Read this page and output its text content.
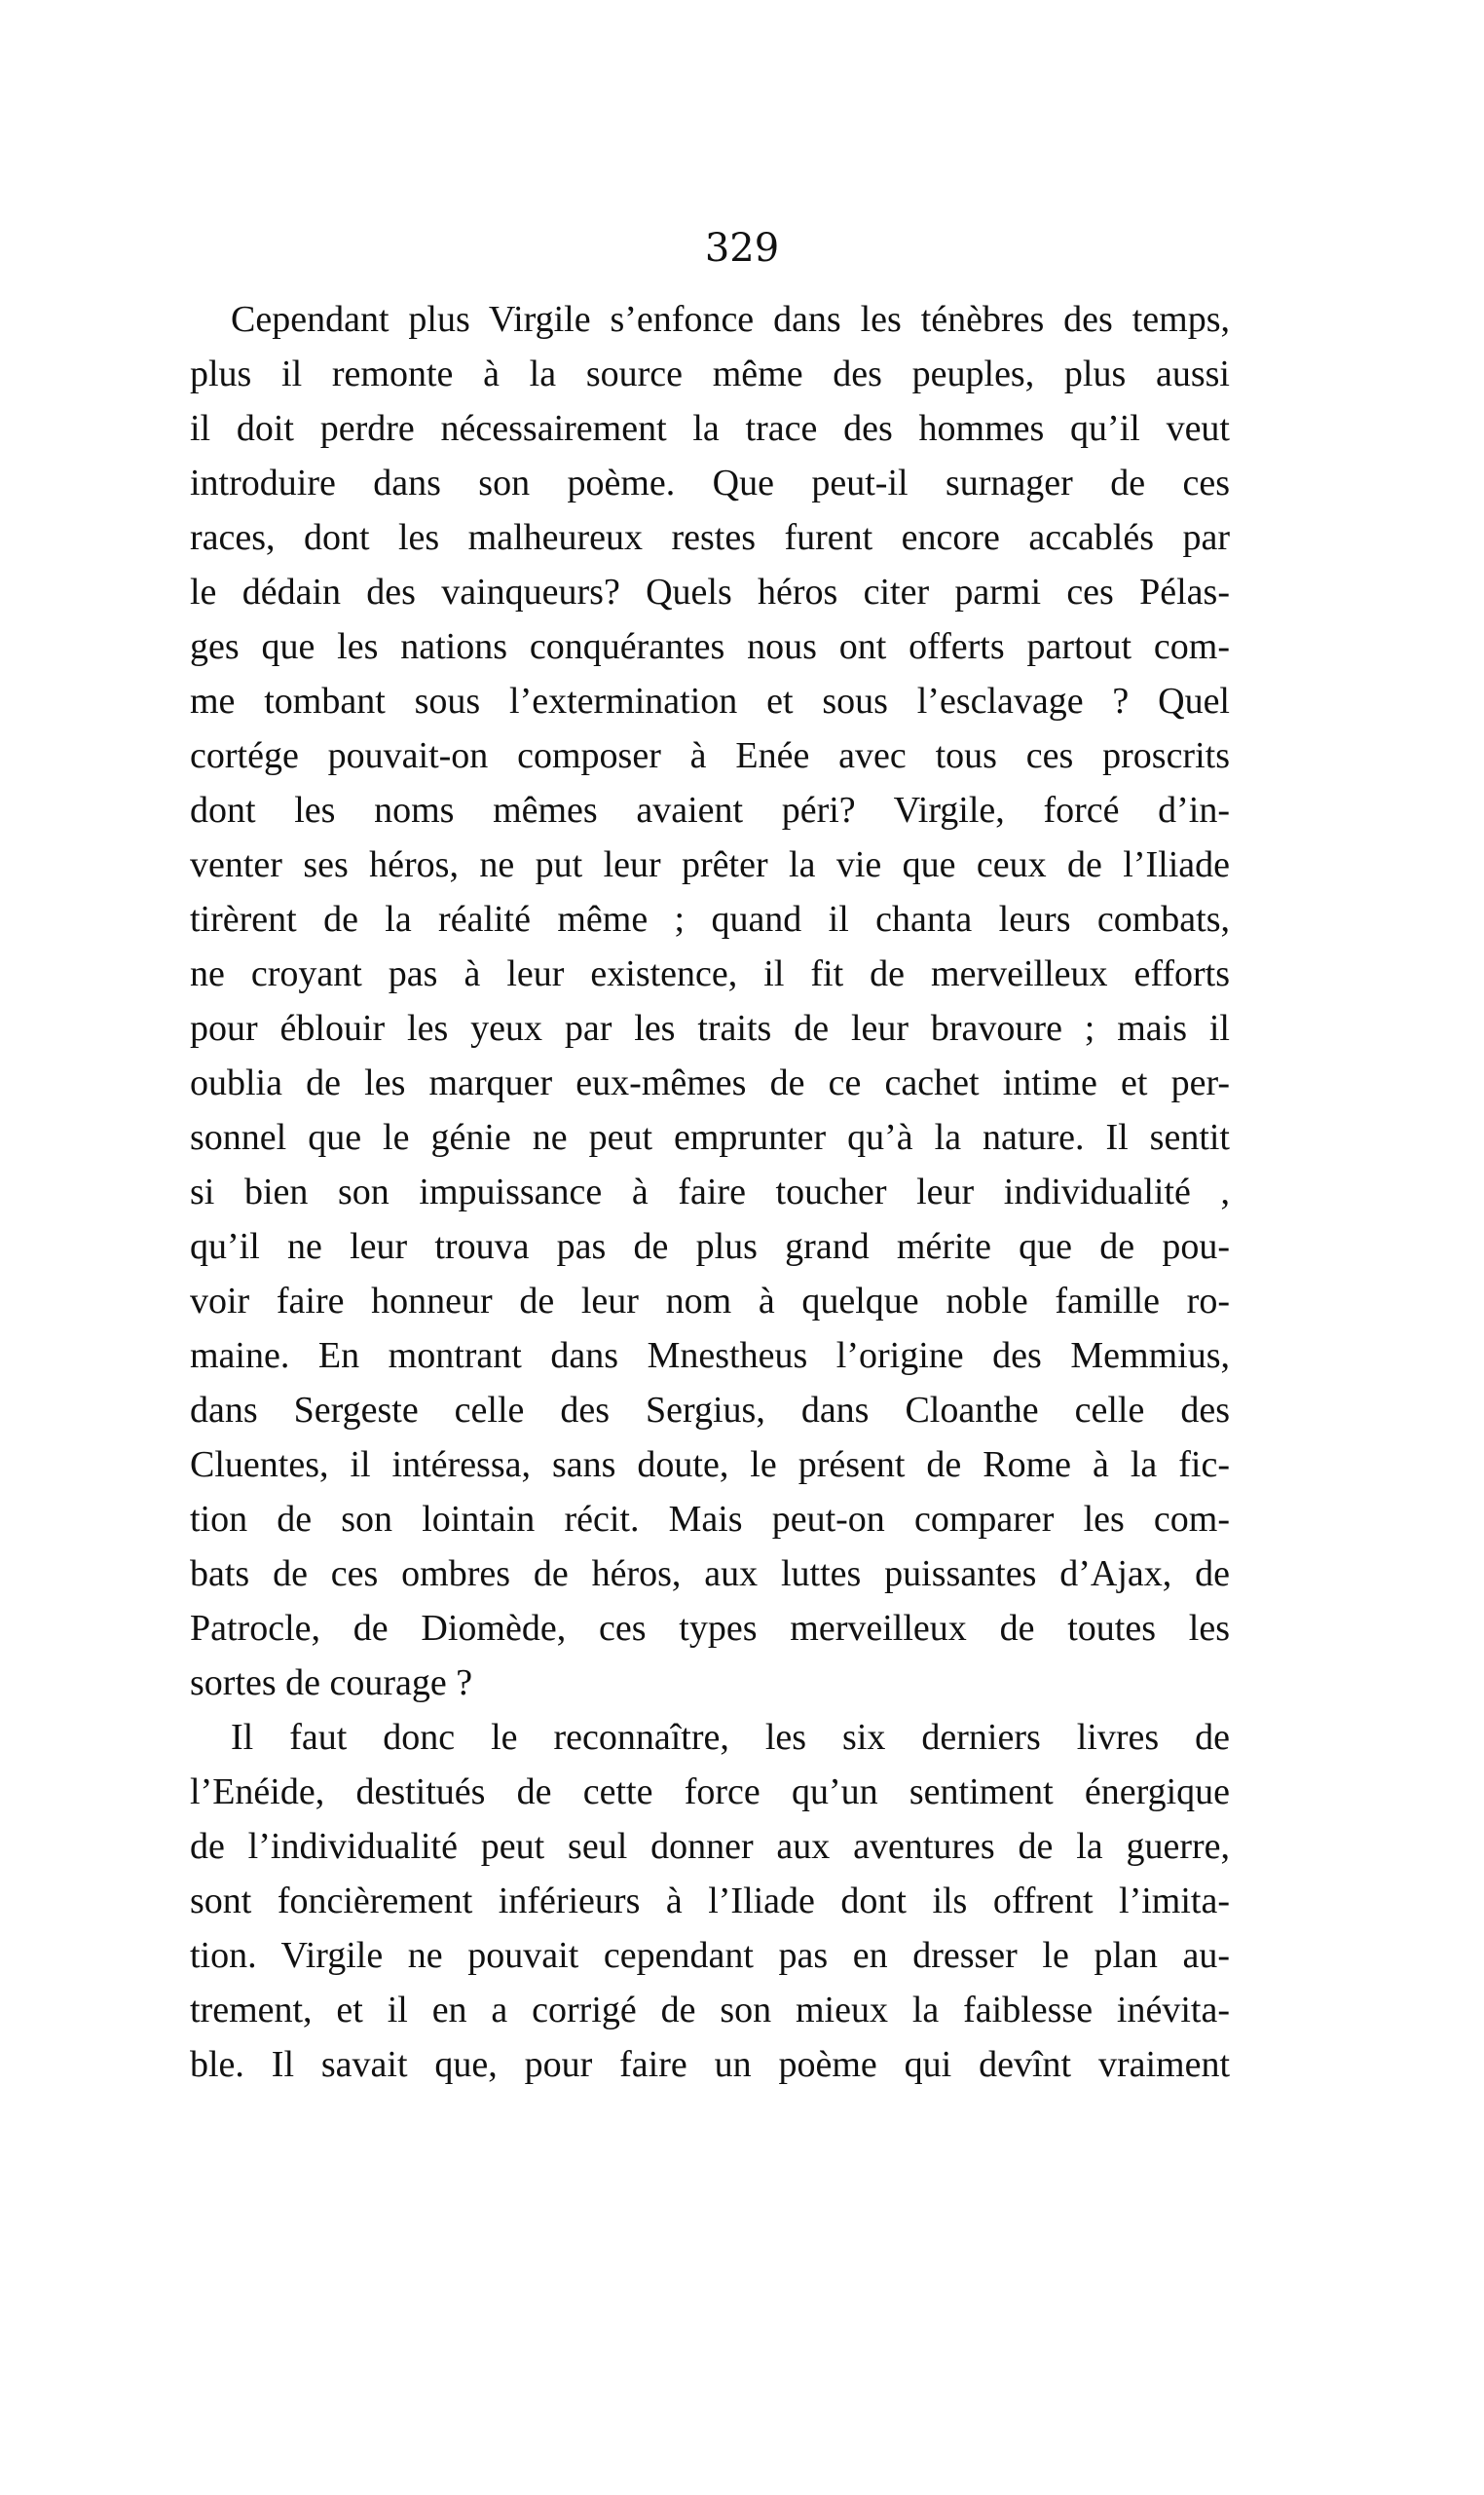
329
Cependant plus Virgile s’enfonce dans les ténèbres des temps,
plus il remonte à la source même des peuples, plus aussi
il doit perdre nécessairement la trace des hommes qu’il veut
introduire dans son poème. Que peut-il surnager de ces
races, dont les malheureux restes furent encore accablés par
le dédain des vainqueurs? Quels héros citer parmi ces Pélas-
ges que les nations conquérantes nous ont offerts partout com-
me tombant sous l’extermination et sous l’esclavage ? Quel
cortége pouvait-on composer à Enée avec tous ces proscrits
dont les noms mêmes avaient péri? Virgile, forcé d’in-
venter ses héros, ne put leur prêter la vie que ceux de l’Iliade
tirèrent de la réalité même ; quand il chanta leurs combats,
ne croyant pas à leur existence, il fit de merveilleux efforts
pour éblouir les yeux par les traits de leur bravoure ; mais il
oublia de les marquer eux-mêmes de ce cachet intime et per-
sonnel que le génie ne peut emprunter qu’à la nature. Il sentit
si bien son impuissance à faire toucher leur individualité ,
qu’il ne leur trouva pas de plus grand mérite que de pou-
voir faire honneur de leur nom à quelque noble famille ro-
maine. En montrant dans Mnestheus l’origine des Memmius,
dans Sergeste celle des Sergius, dans Cloanthe celle des
Cluentes, il intéressa, sans doute, le présent de Rome à la fic-
tion de son lointain récit. Mais peut-on comparer les com-
bats de ces ombres de héros, aux luttes puissantes d’Ajax, de
Patrocle, de Diomède, ces types merveilleux de toutes les
sortes de courage ?
Il faut donc le reconnaître, les six derniers livres de
l’Enéide, destitués de cette force qu’un sentiment énergique
de l’individualité peut seul donner aux aventures de la guerre,
sont foncièrement inférieurs à l’Iliade dont ils offrent l’imita-
tion. Virgile ne pouvait cependant pas en dresser le plan au-
trement, et il en a corrigé de son mieux la faiblesse inévita-
ble. Il savait que, pour faire un poème qui devînt vraiment
